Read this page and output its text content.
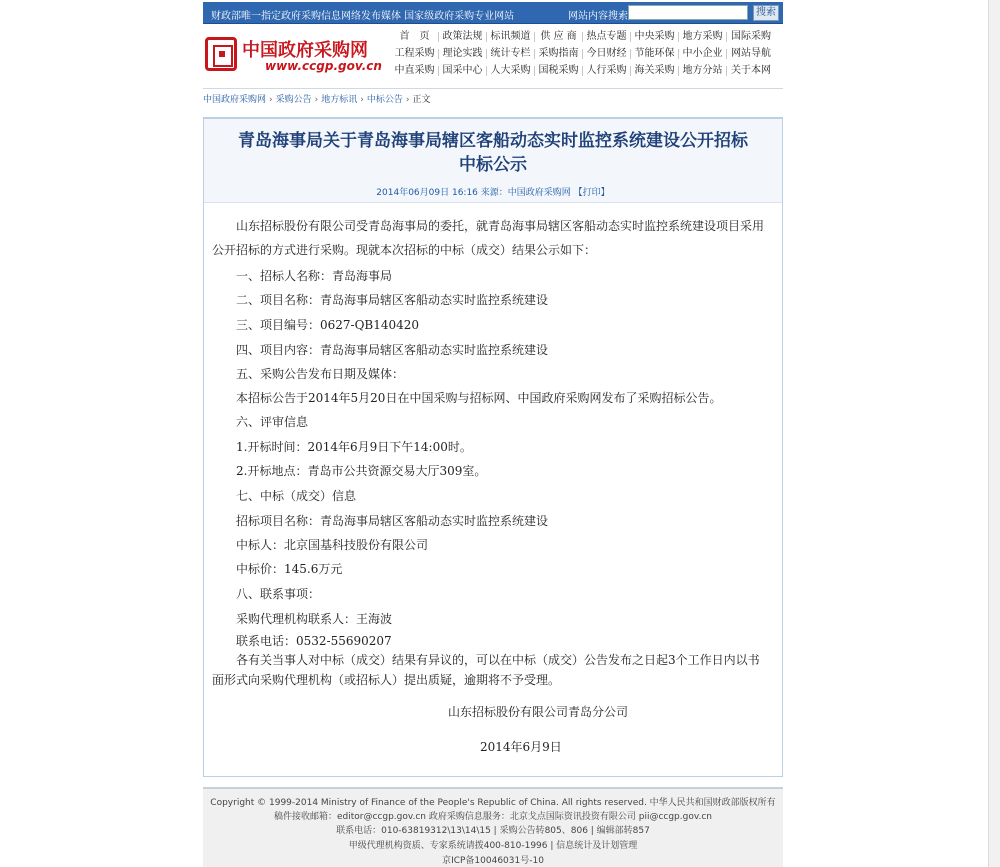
财政部唯一指定政府采购信息网络发布媒体 国家级政府采购专业网站	网站内容搜索	搜索
中国政府采购网
www.ccgp.gov.cn
首　页 政策法规 标讯频道 供 应 商 热点专题 中央采购 地方采购 国际采购
工程采购 理论实践 统计专栏 采购指南 今日财经 节能环保 中小企业 网站导航
中直采购 国采中心 人大采购 国税采购 人行采购 海关采购 地方分站 关于本网
中国政府采购网 › 采购公告 › 地方标讯 › 中标公告 › 正文
青岛海事局关于青岛海事局辖区客船动态实时监控系统建设公开招标
中标公示
2014年06月09日 16:16 来源：中国政府采购网 【打印】
山东招标股份有限公司受青岛海事局的委托，就青岛海事局辖区客船动态实时监控系统建设项目采用
公开招标的方式进行采购。现就本次招标的中标（成交）结果公示如下：
一、招标人名称：青岛海事局
二、项目名称：青岛海事局辖区客船动态实时监控系统建设
三、项目编号：0627-QB140420
四、项目内容：青岛海事局辖区客船动态实时监控系统建设
五、采购公告发布日期及媒体：
本招标公告于2014年5月20日在中国采购与招标网、中国政府采购网发布了采购招标公告。
六、评审信息
1.开标时间：2014年6月9日下午14:00时。
2.开标地点：青岛市公共资源交易大厅309室。
七、中标（成交）信息
招标项目名称：青岛海事局辖区客船动态实时监控系统建设
中标人：北京国基科技股份有限公司
中标价：145.6万元
八、联系事项：
采购代理机构联系人：王海波
联系电话：0532-55690207
各有关当事人对中标（成交）结果有异议的，可以在中标（成交）公告发布之日起3个工作日内以书
面形式向采购代理机构（或招标人）提出质疑，逾期将不予受理。
山东招标股份有限公司青岛分公司
2014年6月9日
Copyright © 1999-2014 Ministry of Finance of the People's Republic of China. All rights reserved. 中华人民共和国财政部版权所有
稿件接收邮箱：editor@ccgp.gov.cn 政府采购信息服务：北京戈点国际资讯投资有限公司 pii@ccgp.gov.cn
联系电话：010-63819312\13\14\15 | 采购公告转805、806 | 编辑部转857
甲级代理机构资质、专家系统请拨400-810-1996 | 信息统计及计划管理
京ICP备10046031号-10
